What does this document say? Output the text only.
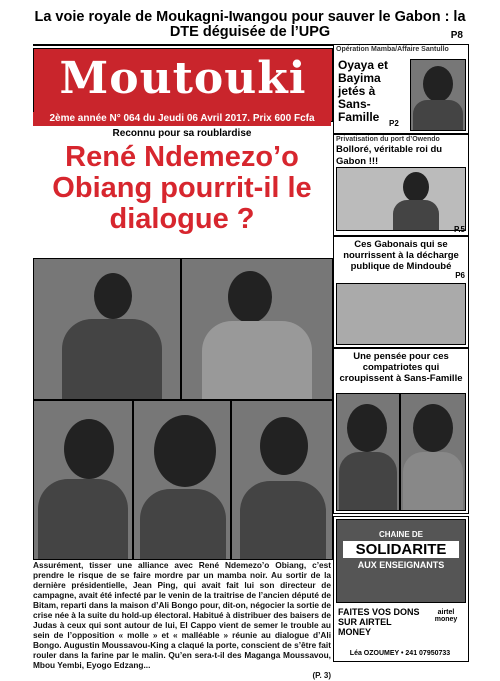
La voie royale de Moukagni-Iwangou pour sauver le Gabon : la DTE déguisée de l’UPG	P8
Moutouki
2ème année N° 064 du Jeudi 06 Avril 2017. Prix 600 Fcfa
Reconnu pour sa roublardise
René Ndemezo’o Obiang pourrit-il le dialogue ?
Assurément, tisser une alliance avec René Ndemezo’o Obiang, c’est prendre le risque de se faire mordre par un mamba noir. Au sortir de la dernière présidentielle, Jean Ping, qui avait fait lui son directeur de campagne, avait été infecté par le venin de la traitrise de l’ancien député de Bitam, reparti dans la maison d’Ali Bongo pour, dit-on, négocier la sortie de crise née à la suite du hold-up électoral. Habitué à distribuer des baisers de Judas à ceux qui sont autour de lui, El Cappo vient de semer le trouble au sein de l’opposition « molle » et « malléable » réunie au dialogue d’Ali Bongo. Augustin Moussavou-King a claqué la porte, conscient de s’être fait rouler dans la farine par le malin. Qu’en sera-t-il des Maganga Moussavou, Mbou Yembi, Eyogo Edzang...
(P. 3)
Opération Mamba/Affaire Santullo
Oyaya et Bayima jetés à Sans-Famille	P2
Privatisation du port d’Owendo
Bolloré, véritable roi du Gabon !!!
P.5
Ces Gabonais qui se nourrissent à la décharge publique de Mindoubé
P6
Une pensée pour ces compatriotes qui croupissent à Sans-Famille
CHAINE DE
SOLIDARITE
AUX ENSEIGNANTS
FAITES VOS DONS SUR AIRTEL MONEY
airtel money
Léa OZOUMEY • 241 07950733
